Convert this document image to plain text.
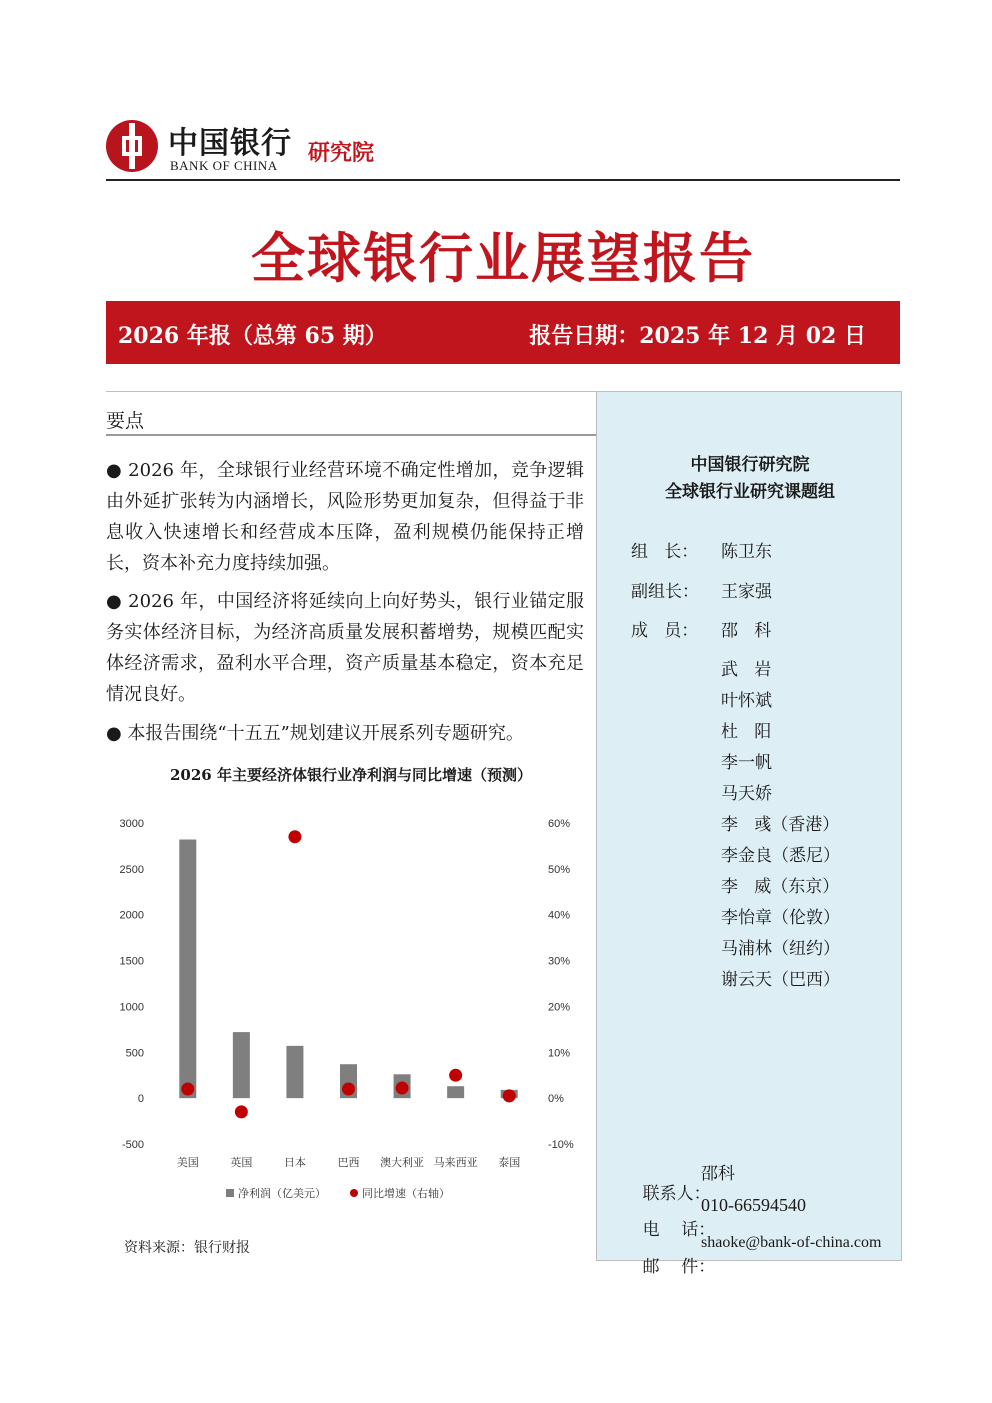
中国银行
BANK OF CHINA 研究院
全球银行业展望报告
2026 年报（总第 65 期）	报告日期：2025 年 12 月 02 日
要点
● 2026 年，全球银行业经营环境不确定性增加，竞争逻辑由外延扩张转为内涵增长，风险形势更加复杂，但得益于非息收入快速增长和经营成本压降，盈利规模仍能保持正增长，资本补充力度持续加强。
● 2026 年，中国经济将延续向上向好势头，银行业锚定服务实体经济目标，为经济高质量发展积蓄增势，规模匹配实体经济需求，盈利水平合理，资产质量基本稳定，资本充足情况良好。
● 本报告围绕“十五五”规划建议开展系列专题研究。
2026 年主要经济体银行业净利润与同比增速（预测）
3000
2500
2000
1500
1000
500
0
-500
60%
50%
40%
30%
20%
10%
0%
-10%
美国	英国	日本	巴西 澳大利亚 马来西亚 泰国
净利润（亿美元）	同比增速（右轴）
资料来源：银行财报
中国银行研究院
全球银行业研究课题组
组   长： 陈卫东
副组长： 王家强
成   员： 邵   科
武   岩
叶怀斌
杜   阳
李一帆
马天娇
李   彧（香港）
李金良（悉尼）
李   威（东京）
李怡章（伦敦）
马浦林（纽约）
谢云天（巴西）

联系人：

邵科

电    话：

010-66594540

邮    件：

shaoke@bank-of-china.com
